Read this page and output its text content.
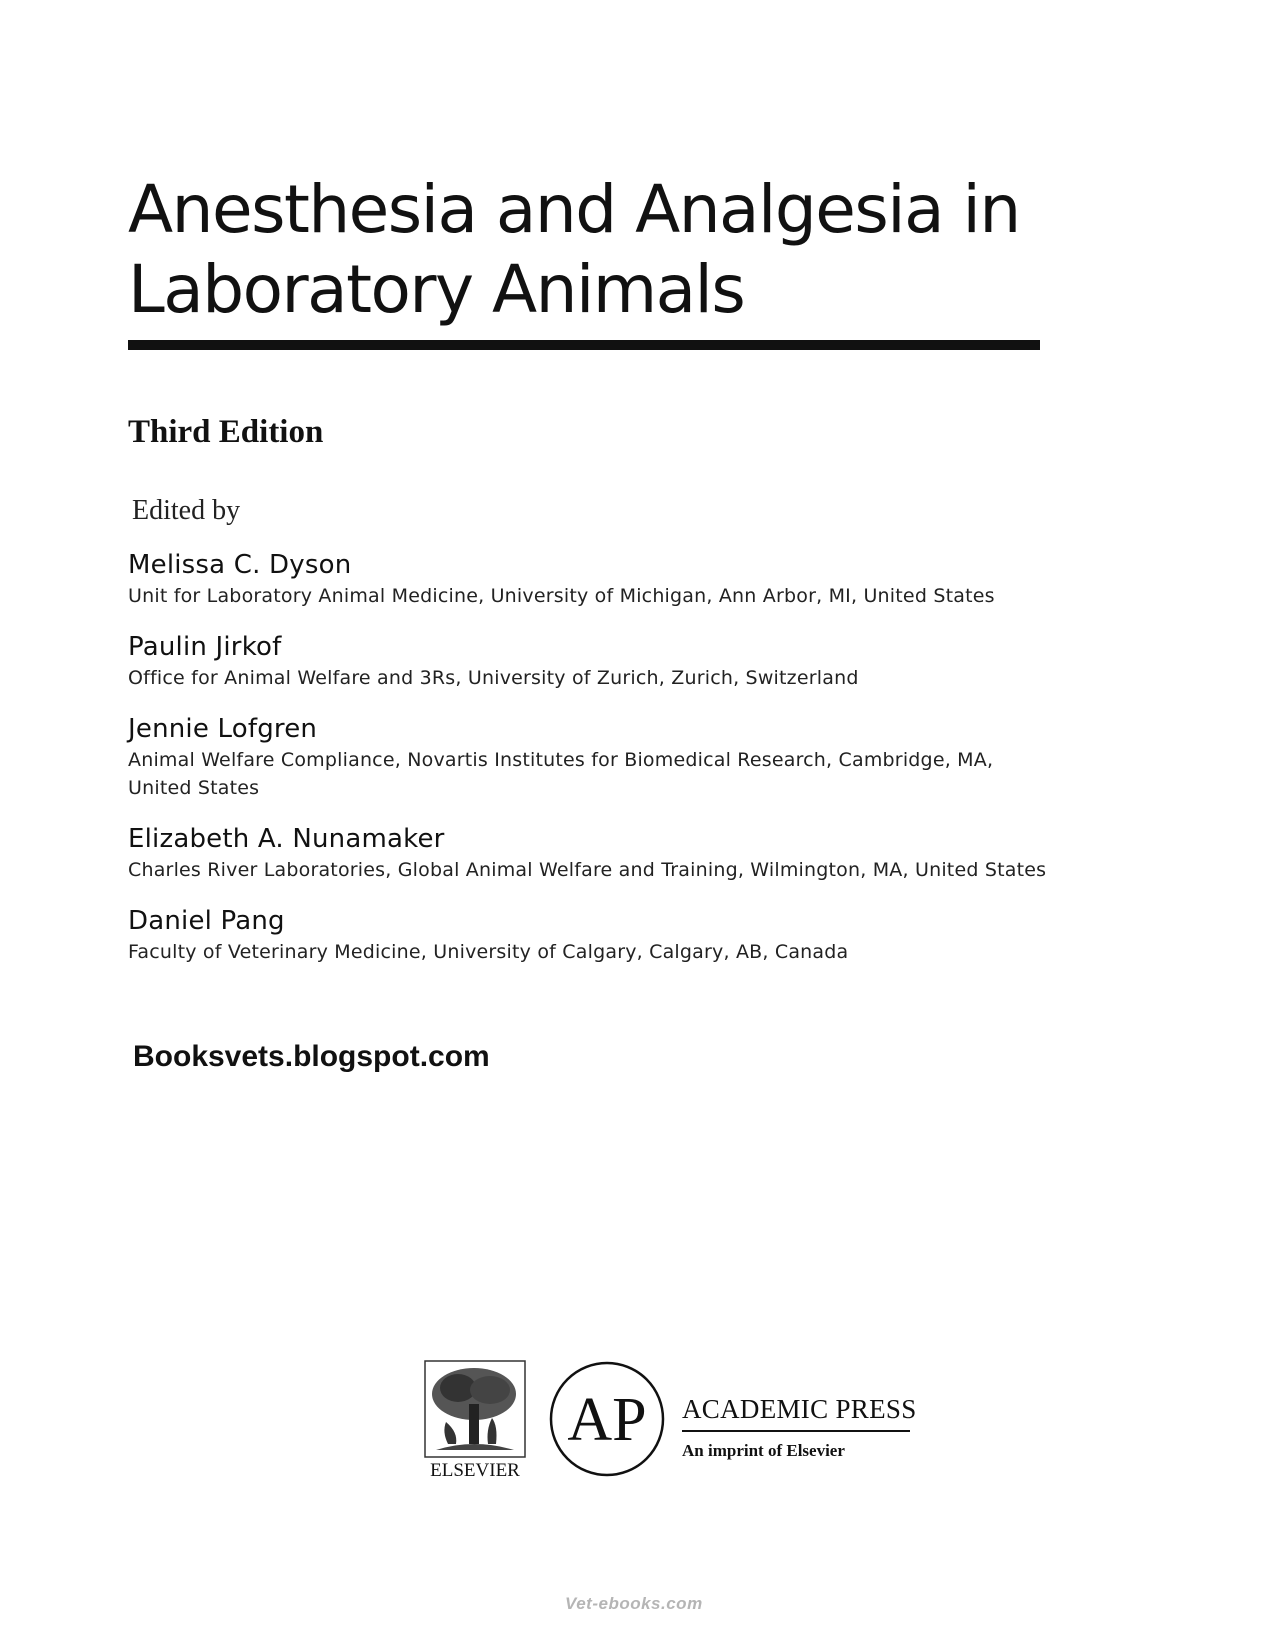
Anesthesia and Analgesia in
Laboratory Animals
Third Edition
Edited by
Melissa C. Dyson
Unit for Laboratory Animal Medicine, University of Michigan, Ann Arbor, MI, United States
Paulin Jirkof
Office for Animal Welfare and 3Rs, University of Zurich, Zurich, Switzerland
Jennie Lofgren
Animal Welfare Compliance, Novartis Institutes for Biomedical Research, Cambridge, MA,
United States
Elizabeth A. Nunamaker
Charles River Laboratories, Global Animal Welfare and Training, Wilmington, MA, United States
Daniel Pang
Faculty of Veterinary Medicine, University of Calgary, Calgary, AB, Canada
Booksvets.blogspot.com
ELSEVIER
AP ACADEMIC PRESS
An imprint of Elsevier
Vet-ebooks.com
